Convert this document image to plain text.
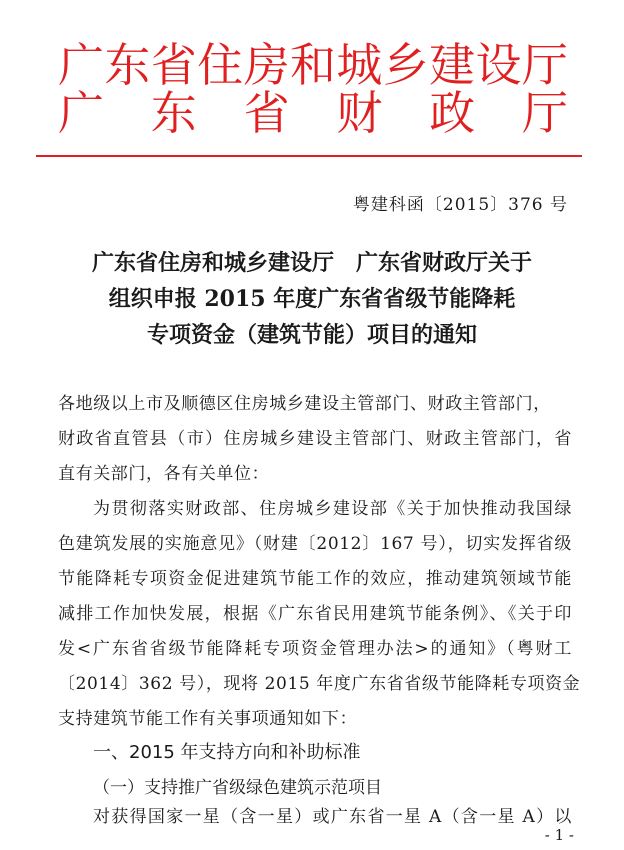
广 东 省 住 房 和 城 乡 建 设 厅
广 东 省 财 政 厅
粤建科函〔2015〕376 号
广东省住房和城乡建设厅　广东省财政厅关于
组织申报 2015 年度广东省省级节能降耗
专项资金（建筑节能）项目的通知
各地级以上市及顺德区住房城乡建设主管部门、财政主管部门，
财政省直管县（市）住房城乡建设主管部门、财政主管部门，省
直有关部门，各有关单位：
为贯彻落实财政部、住房城乡建设部《关于加快推动我国绿
色建筑发展的实施意见》（财建〔2012〕167 号），切实发挥省级
节能降耗专项资金促进建筑节能工作的效应，推动建筑领域节能
减排工作加快发展，根据《广东省民用建筑节能条例》、《关于印
发<广东省省级节能降耗专项资金管理办法>的通知》（粤财工
〔2014〕362 号），现将 2015 年度广东省省级节能降耗专项资金
支持建筑节能工作有关事项通知如下：
一、2015 年支持方向和补助标准
（一）支持推广省级绿色建筑示范项目
对获得国家一星（含一星）或广东省一星 A（含一星 A）以
- 1 -
